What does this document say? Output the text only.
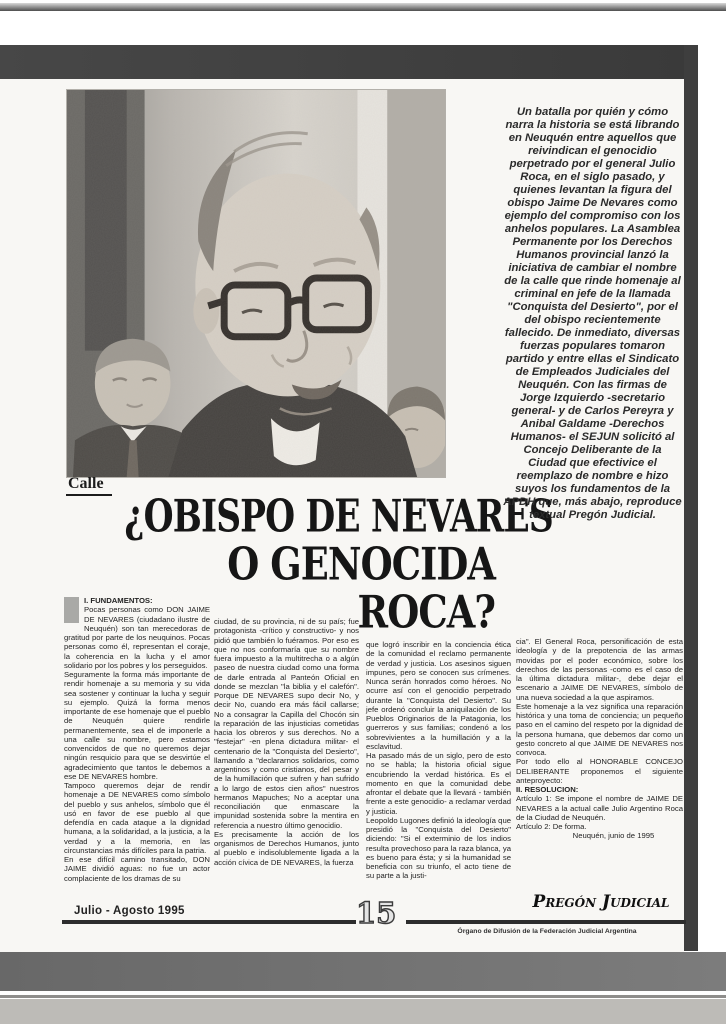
Calle
¿OBISPO DE NEVARES
O GENOCIDA
ROCA?

Un batalla por quién y cómo narra la historia se está librando en Neuquén entre aquellos que reivindican el genocidio perpetrado por el general Julio Roca, en el siglo pasado, y quienes levantan la figura del obispo Jaime De Nevares como ejemplo del compromiso con los anhelos populares. La Asamblea Permanente por los Derechos Humanos provincial lanzó la iniciativa de cambiar el nombre de la calle que rinde homenaje al criminal en jefe de la llamada "Conquista del Desierto", por el del obispo recientemente fallecido. De inmediato, diversas fuerzas populares tomaron partido y entre ellas el Sindicato de Empleados Judiciales del Neuquén. Con las firmas de Jorge Izquierdo -secretario general- y de Carlos Pereyra y Anibal Galdame -Derechos Humanos- el SEJUN solicitó al Concejo Deliberante de la Ciudad que efectivice el reemplazo de nombre e hizo suyos los fundamentos de la APDH que, más abajo, reproduce textual Pregón Judicial.

I. FUNDAMENTOS:

Pocas personas como DON JAIME DE NEVARES (ciudadano ilustre de Neuquén) son tan merecedoras de gratitud por parte de los neuquinos. Pocas personas como él, representan el coraje, la coherencia en la lucha y el amor solidario por los pobres y los perseguidos.

Seguramente la forma más importante de rendir homenaje a su memoria y su vida sea sostener y continuar la lucha y seguir su ejemplo. Quizá la forma menos importante de ese homenaje que el pueblo de Neuquén quiere rendirle permanentemente, sea el de imponerle a una calle su nombre, pero estamos convencidos de que no queremos dejar ningún resquicio para que se desvirtúe el agradecimiento que tantos le debemos a ese DE NEVARES hombre.

Tampoco queremos dejar de rendir homenaje a DE NEVARES como símbolo del pueblo y sus anhelos, símbolo que él usó en favor de ese pueblo al que defendía en cada ataque a la dignidad humana, a la solidaridad, a la justicia, a la verdad y a la memoria, en las circunstancias más difíciles para la patria.

En ese difícil camino transitado, DON JAIME dividió aguas: no fue un actor complaciente de los dramas de su

ciudad, de su provincia, ni de su país; fue protagonista -crítico y constructivo- y nos pidió que también lo fuéramos. Por eso es que no nos conformaría que su nombre fuera impuesto a la multitrecha o a algún paseo de nuestra ciudad como una forma de darle entrada al Panteón Oficial en donde se mezclan "la biblia y el calefón". Porque DE NEVARES supo decir No, y decir No, cuando era más fácil callarse; No a consagrar la Capilla del Chocón sin la reparación de las injusticias cometidas hacia los obreros y sus derechos. No a "festejar" -en plena dictadura militar- el centenario de la "Conquista del Desierto", llamando a "declararnos solidarios, como argentinos y como cristianos, del pesar y de la humillación que sufren y han sufrido a lo largo de estos cien años" nuestros hermanos Mapuches; No a aceptar una reconciliación que enmascare la impunidad sostenida sobre la mentira en referencia a nuestro último genocidio.

Es precisamente la acción de los organismos de Derechos Humanos, junto al pueblo e indisolublemente ligada a la acción cívica de DE NEVARES, la fuerza

que logró inscribir en la conciencia ética de la comunidad el reclamo permanente de verdad y justicia. Los asesinos siguen impunes, pero se conocen sus crímenes. Nunca serán honrados como héroes. No ocurre así con el genocidio perpetrado durante la "Conquista del Desierto". Su jefe ordenó concluir la aniquilación de los Pueblos Originarios de la Patagonia, los guerreros y sus familias; condenó a los sobrevivientes a la humillación y a la esclavitud.

Ha pasado más de un siglo, pero de esto no se habla; la historia oficial sigue encubriendo la verdad histórica. Es el momento en que la comunidad debe afrontar el debate que la llevará - también frente a este genocidio- a reclamar verdad y justicia.

Leopoldo Lugones definió la ideología que presidió la "Conquista del Desierto" diciendo: "Si el exterminio de los indios resulta provechoso para la raza blanca, ya es bueno para ésta; y si la humanidad se beneficia con su triunfo, el acto tiene de su parte a la justi-

cia". El General Roca, personificación de esta ideología y de la prepotencia de las armas movidas por el poder económico, sobre los derechos de las personas -como es el caso de la última dictadura militar-, debe dejar el escenario a JAIME DE NEVARES, símbolo de una nueva sociedad a la que aspiramos.

Este homenaje a la vez significa una reparación histórica y una toma de conciencia; un pequeño paso en el camino del respeto por la dignidad de la persona humana, que debemos dar como un gesto concreto al que JAIME DE NEVARES nos convoca.

Por todo ello al HONORABLE CONCEJO DELIBERANTE proponemos el siguiente anteproyecto:

II. RESOLUCION:

Artículo 1: Se impone el nombre de JAIME DE NEVARES a la actual calle Julio Argentino Roca de la Ciudad de Neuquén.

Artículo 2: De forma.

Neuquén, junio de 1995

Julio - Agosto 1995	15	Pregón Judicial
Órgano de Difusión de la Federación Judicial Argentina
